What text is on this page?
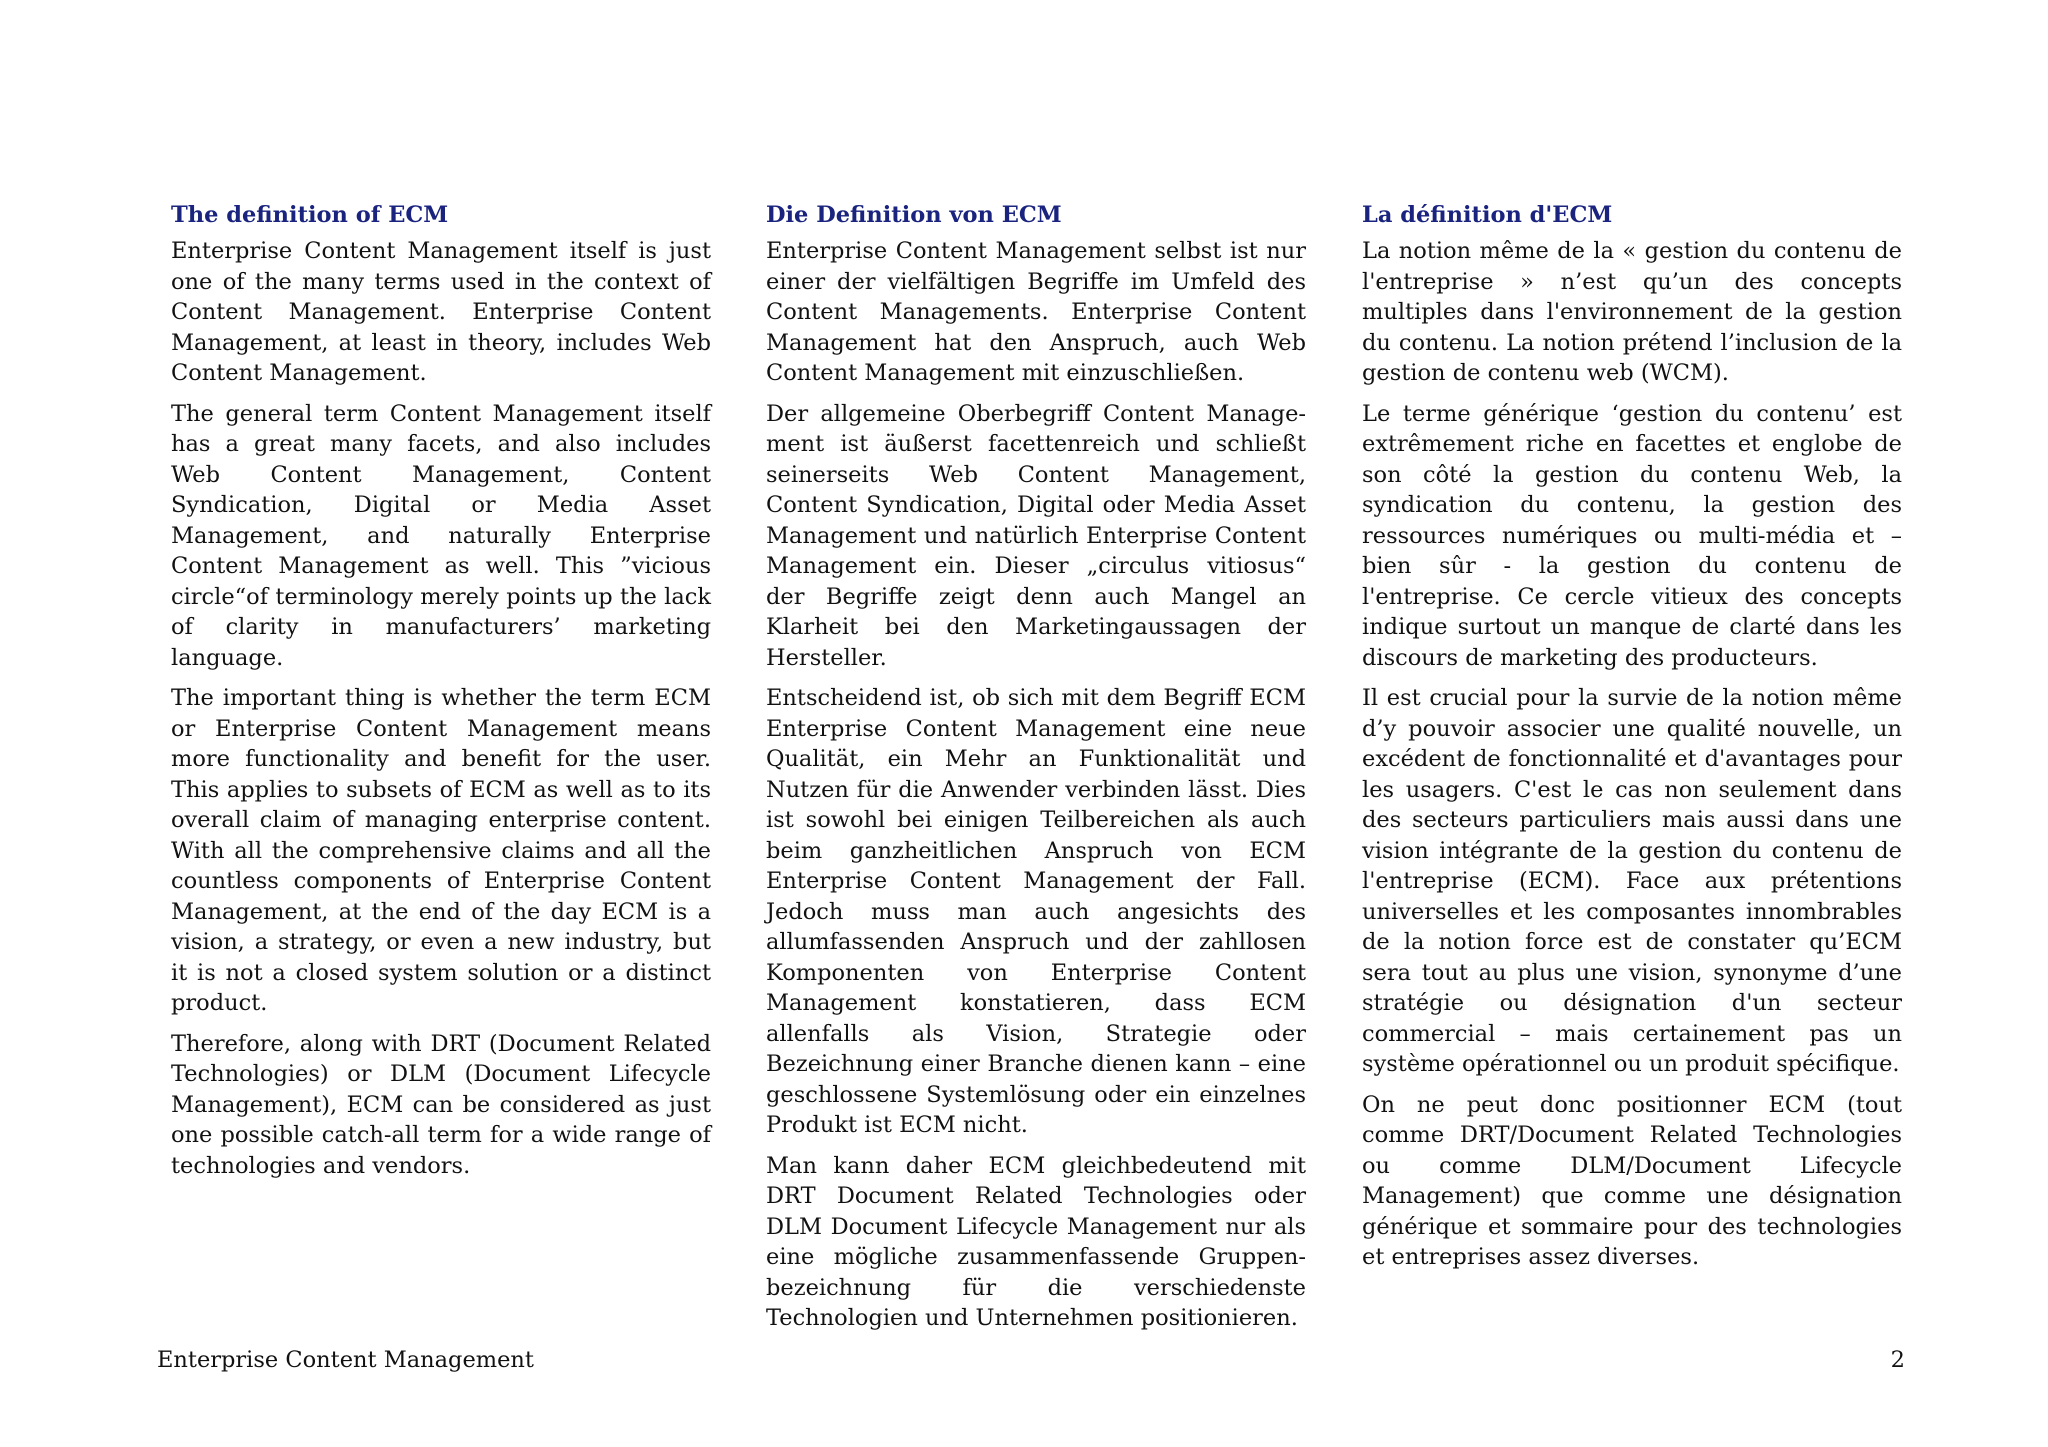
The definition of ECM

Enterprise Content Management itself is just one of the many terms used in the context of Content Management. Enterprise Content Management, at least in theory, includes Web Content Management.

The general term Content Management itself has a great many facets, and also includes Web Content Management, Content Syndication, Digital or Media Asset Management, and naturally Enterprise Content Management as well. This ”vicious circle“of terminology merely points up the lack of clarity in manufacturers’ marketing language.

The important thing is whether the term ECM or Enterprise Content Management means more functionality and benefit for the user. This applies to subsets of ECM as well as to its overall claim of managing enterprise content. With all the comprehensive claims and all the countless components of Enterprise Content Management, at the end of the day ECM is a vision, a strategy, or even a new industry, but it is not a closed system solution or a distinct product.

Therefore, along with DRT (Document Related Technologies) or DLM (Document Lifecycle Management), ECM can be considered as just one possible catch-all term for a wide range of technologies and vendors.

Die Definition von ECM

Enterprise Content Management selbst ist nur einer der vielfältigen Begriffe im Umfeld des Content Managements. Enterprise Content Management hat den Anspruch, auch Web Content Management mit einzuschließen.

Der allgemeine Oberbegriff Content Manage-ment ist äußerst facettenreich und schließt seinerseits Web Content Management, Content Syndication, Digital oder Media Asset Management und natürlich Enterprise Content Management ein. Dieser „circulus vitiosus“ der Begriffe zeigt denn auch Mangel an Klarheit bei den Marketingaussagen der Hersteller.

Entscheidend ist, ob sich mit dem Begriff ECM Enterprise Content Management eine neue Qualität, ein Mehr an Funktionalität und Nutzen für die Anwender verbinden lässt. Dies ist sowohl bei einigen Teilbereichen als auch beim ganzheitlichen Anspruch von ECM Enterprise Content Management der Fall. Jedoch muss man auch angesichts des allumfassenden Anspruch und der zahllosen Komponenten von Enterprise Content Management konstatieren, dass ECM allenfalls als Vision, Strategie oder Bezeichnung einer Branche dienen kann – eine geschlossene Systemlösung oder ein einzelnes Produkt ist ECM nicht.

Man kann daher ECM gleichbedeutend mit DRT Document Related Technologies oder DLM Document Lifecycle Management nur als eine mögliche zusammenfassende Gruppen-bezeichnung für die verschiedenste Technologien und Unternehmen positionieren.

La définition d'ECM

La notion même de la « gestion du contenu de l'entreprise » n’est qu’un des concepts multiples dans l'environnement de la gestion du contenu. La notion prétend l’inclusion de la gestion de contenu web (WCM).

Le terme générique ‘gestion du contenu’ est extrêmement riche en facettes et englobe de son côté la gestion du contenu Web, la syndication du contenu, la gestion des ressources numériques ou multi-média et – bien sûr - la gestion du contenu de l'entreprise. Ce cercle vitieux des concepts indique surtout un manque de clarté dans les discours de marketing des producteurs.

Il est crucial pour la survie de la notion même d’y pouvoir associer une qualité nouvelle, un excédent de fonctionnalité et d'avantages pour les usagers. C'est le cas non seulement dans des secteurs particuliers mais aussi dans une vision intégrante de la gestion du contenu de l'entreprise (ECM). Face aux prétentions universelles et les composantes innombrables de la notion force est de constater qu’ECM sera tout au plus une vision, synonyme d’une stratégie ou désignation d'un secteur commercial – mais certainement pas un système opérationnel ou un produit spécifique.

On ne peut donc positionner ECM (tout comme DRT/Document Related Technologies ou comme DLM/Document Lifecycle Management) que comme une désignation générique et sommaire pour des technologies et entreprises assez diverses.

Enterprise Content Management	2
